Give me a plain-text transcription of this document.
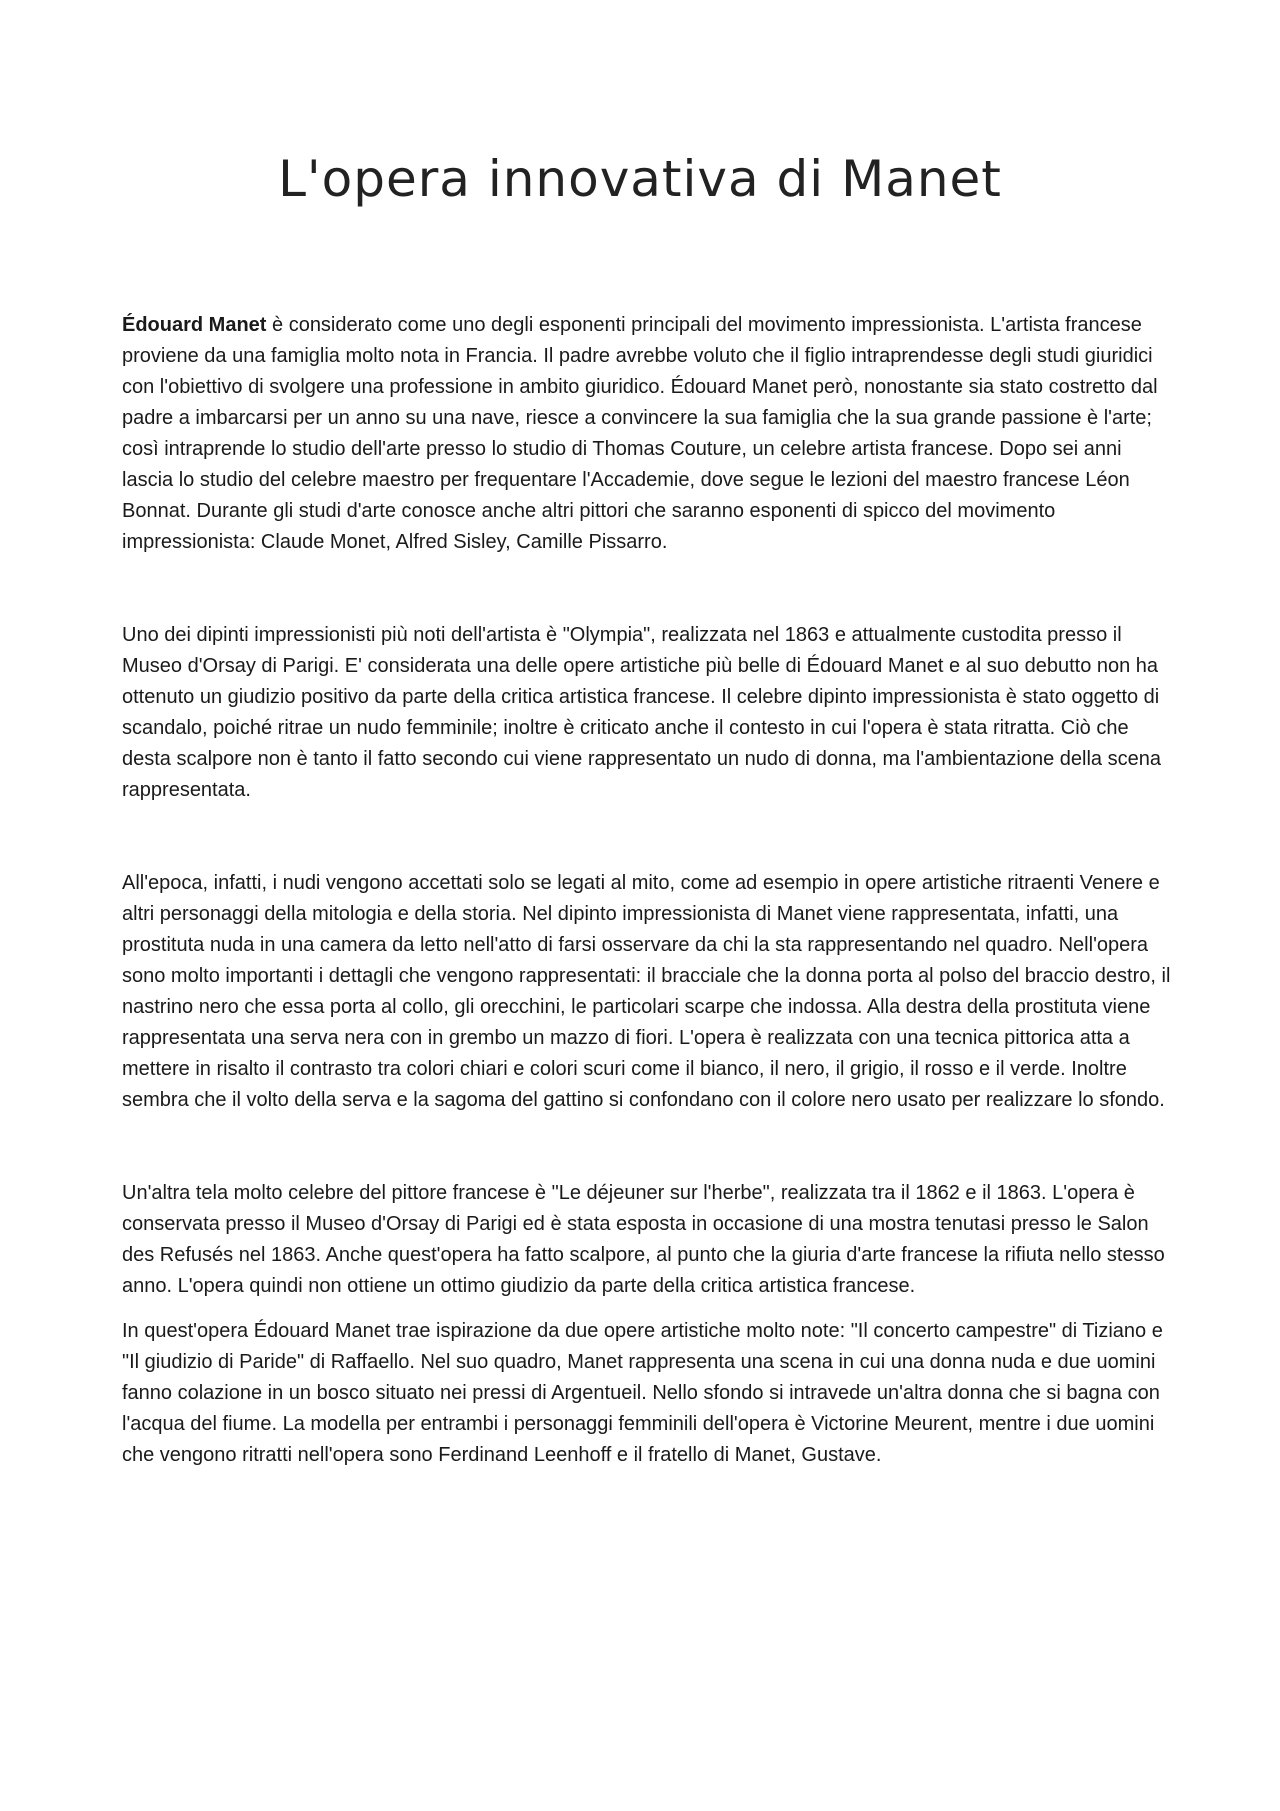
L'opera innovativa di Manet

Édouard Manet è considerato come uno degli esponenti principali del movimento impressionista. L'artista francese proviene da una famiglia molto nota in Francia. Il padre avrebbe voluto che il figlio intraprendesse degli studi giuridici con l'obiettivo di svolgere una professione in ambito giuridico. Édouard Manet però, nonostante sia stato costretto dal padre a imbarcarsi per un anno su una nave, riesce a convincere la sua famiglia che la sua grande passione è l'arte; così intraprende lo studio dell'arte presso lo studio di Thomas Couture, un celebre artista francese. Dopo sei anni lascia lo studio del celebre maestro per frequentare l'Accademie, dove segue le lezioni del maestro francese Léon Bonnat. Durante gli studi d'arte conosce anche altri pittori che saranno esponenti di spicco del movimento impressionista: Claude Monet, Alfred Sisley, Camille Pissarro.

Uno dei dipinti impressionisti più noti dell'artista è "Olympia", realizzata nel 1863 e attualmente custodita presso il Museo d'Orsay di Parigi. E' considerata una delle opere artistiche più belle di Édouard Manet e al suo debutto non ha ottenuto un giudizio positivo da parte della critica artistica francese. Il celebre dipinto impressionista è stato oggetto di scandalo, poiché ritrae un nudo femminile; inoltre è criticato anche il contesto in cui l'opera è stata ritratta. Ciò che desta scalpore non è tanto il fatto secondo cui viene rappresentato un nudo di donna, ma l'ambientazione della scena rappresentata.

All'epoca, infatti, i nudi vengono accettati solo se legati al mito, come ad esempio in opere artistiche ritraenti Venere e altri personaggi della mitologia e della storia. Nel dipinto impressionista di Manet viene rappresentata, infatti, una prostituta nuda in una camera da letto nell'atto di farsi osservare da chi la sta rappresentando nel quadro. Nell'opera sono molto importanti i dettagli che vengono rappresentati: il bracciale che la donna porta al polso del braccio destro, il nastrino nero che essa porta al collo, gli orecchini, le particolari scarpe che indossa. Alla destra della prostituta viene rappresentata una serva nera con in grembo un mazzo di fiori. L'opera è realizzata con una tecnica pittorica atta a mettere in risalto il contrasto tra colori chiari e colori scuri come il bianco, il nero, il grigio, il rosso e il verde. Inoltre sembra che il volto della serva e la sagoma del gattino si confondano con il colore nero usato per realizzare lo sfondo.

Un'altra tela molto celebre del pittore francese è "Le déjeuner sur l'herbe", realizzata tra il 1862 e il 1863. L'opera è conservata presso il Museo d'Orsay di Parigi ed è stata esposta in occasione di una mostra tenutasi presso le Salon des Refusés nel 1863. Anche quest'opera ha fatto scalpore, al punto che la giuria d'arte francese la rifiuta nello stesso anno. L'opera quindi non ottiene un ottimo giudizio da parte della critica artistica francese.

In quest'opera Édouard Manet trae ispirazione da due opere artistiche molto note: "Il concerto campestre" di Tiziano e "Il giudizio di Paride" di Raffaello. Nel suo quadro, Manet rappresenta una scena in cui una donna nuda e due uomini fanno colazione in un bosco situato nei pressi di Argentueil. Nello sfondo si intravede un'altra donna che si bagna con l'acqua del fiume. La modella per entrambi i personaggi femminili dell'opera è Victorine Meurent, mentre i due uomini che vengono ritratti nell'opera sono Ferdinand Leenhoff e il fratello di Manet, Gustave.
